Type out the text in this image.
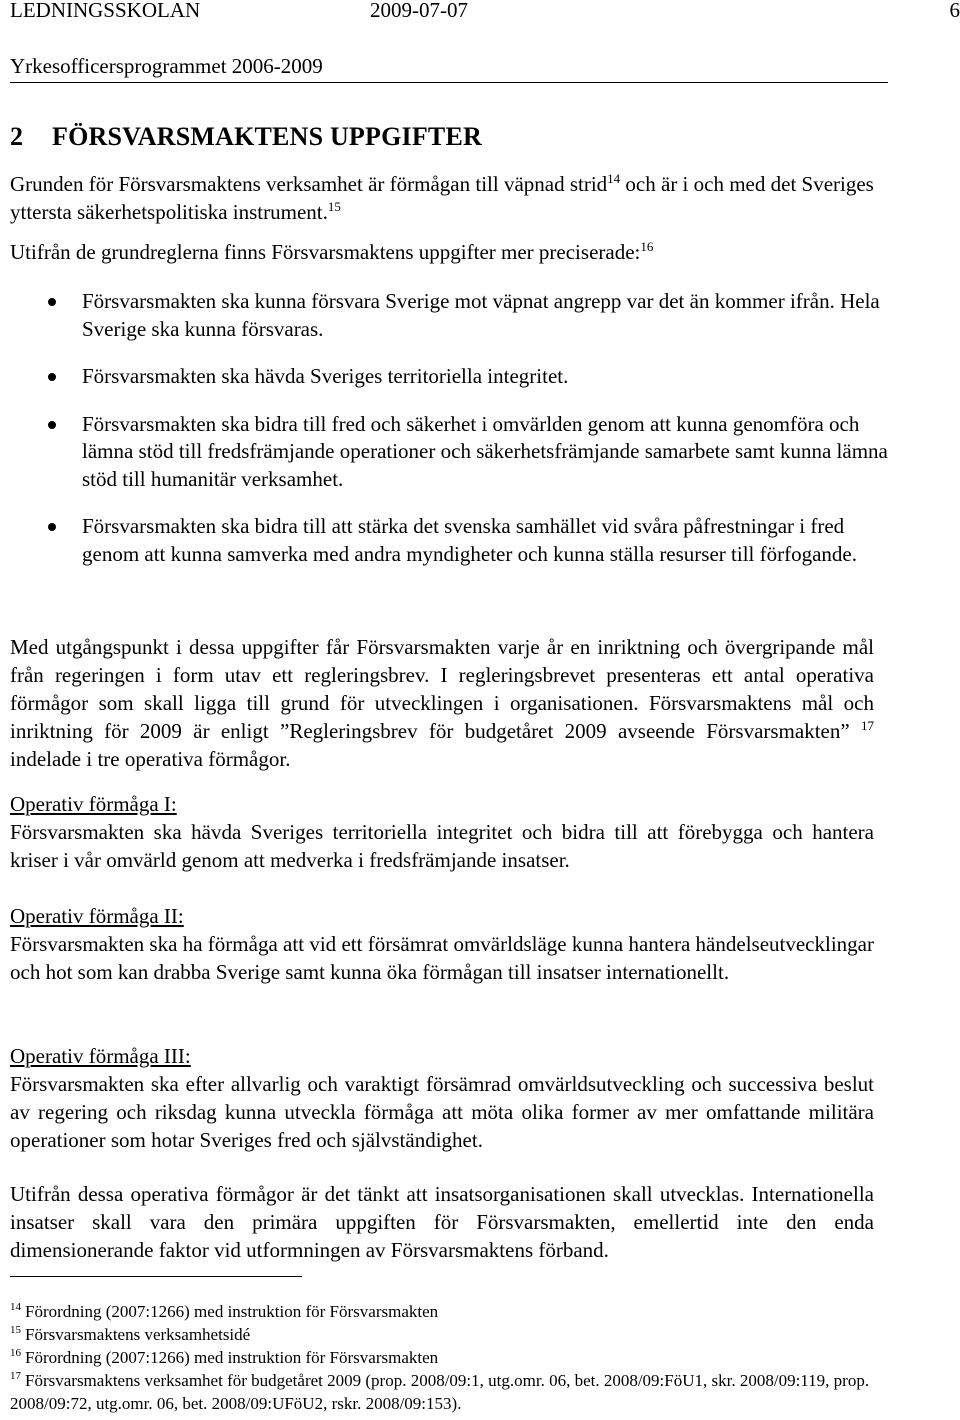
LEDNINGSSKOLAN	2009-07-07	6
Yrkesofficersprogrammet 2006-2009
2 FÖRSVARSMAKTENS UPPGIFTER
Grunden för Försvarsmaktens verksamhet är förmågan till väpnad strid$^{14}$ och är i och med det Sveriges yttersta säkerhetspolitiska instrument.$^{15}$
Utifrån de grundreglerna finns Försvarsmaktens uppgifter mer preciserade:$^{16}$
Försvarsmakten ska kunna försvara Sverige mot väpnat angrepp var det än kommer ifrån. Hela Sverige ska kunna försvaras.
Försvarsmakten ska hävda Sveriges territoriella integritet.
Försvarsmakten ska bidra till fred och säkerhet i omvärlden genom att kunna genomföra och lämna stöd till fredsfrämjande operationer och säkerhetsfrämjande samarbete samt kunna lämna stöd till humanitär verksamhet.
Försvarsmakten ska bidra till att stärka det svenska samhället vid svåra påfrestningar i fred genom att kunna samverka med andra myndigheter och kunna ställa resurser till förfogande.
Med utgångspunkt i dessa uppgifter får Försvarsmakten varje år en inriktning och övergripande mål från regeringen i form utav ett regleringsbrev. I regleringsbrevet presenteras ett antal operativa förmågor som skall ligga till grund för utvecklingen i organisationen. Försvarsmaktens mål och inriktning för 2009 är enligt ”Regleringsbrev för budgetåret 2009 avseende Försvarsmakten” $^{17}$ indelade i tre operativa förmågor.
Operativ förmåga I:
Försvarsmakten ska hävda Sveriges territoriella integritet och bidra till att förebygga och hantera kriser i vår omvärld genom att medverka i fredsfrämjande insatser.
Operativ förmåga II:
Försvarsmakten ska ha förmåga att vid ett försämrat omvärldsläge kunna hantera händelseutvecklingar och hot som kan drabba Sverige samt kunna öka förmågan till insatser internationellt.
Operativ förmåga III:
Försvarsmakten ska efter allvarlig och varaktigt försämrad omvärldsutveckling och successiva beslut av regering och riksdag kunna utveckla förmåga att möta olika former av mer omfattande militära operationer som hotar Sveriges fred och självständighet.
Utifrån dessa operativa förmågor är det tänkt att insatsorganisationen skall utvecklas. Internationella insatser skall vara den primära uppgiften för Försvarsmakten, emellertid inte den enda dimensionerande faktor vid utformningen av Försvarsmaktens förband.
$^{14}$ Förordning (2007:1266) med instruktion för Försvarsmakten
$^{15}$ Försvarsmaktens verksamhetsidé
$^{16}$ Förordning (2007:1266) med instruktion för Försvarsmakten
$^{17}$ Försvarsmaktens verksamhet för budgetåret 2009 (prop. 2008/09:1, utg.omr. 06, bet. 2008/09:FöU1, skr. 2008/09:119, prop. 2008/09:72, utg.omr. 06, bet. 2008/09:UFöU2, rskr. 2008/09:153).
